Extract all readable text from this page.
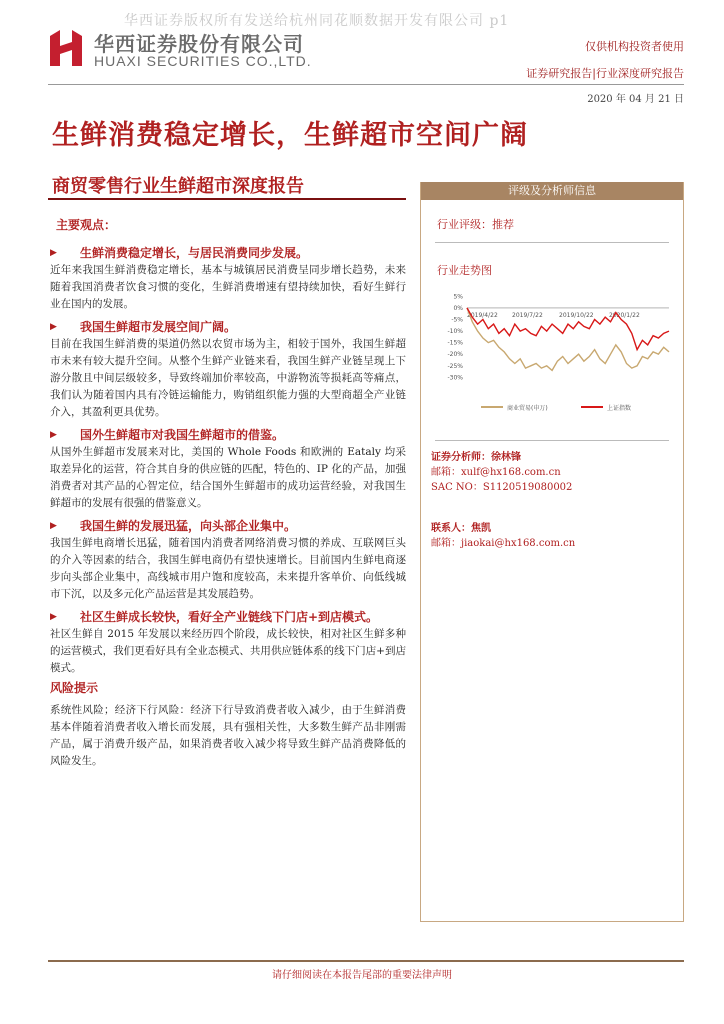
华西证券版权所有发送给杭州同花顺数据开发有限公司 p1
华西证券股份有限公司
HUAXI SECURITIES CO.,LTD.
仅供机构投资者使用
证券研究报告|行业深度研究报告
2020 年 04 月 21 日
生鲜消费稳定增长，生鲜超市空间广阔
商贸零售行业生鲜超市深度报告
主要观点：
▶ 生鲜消费稳定增长，与居民消费同步发展。

近年来我国生鲜消费稳定增长，基本与城镇居民消费呈同步增长趋势，未来随着我国消费者饮食习惯的变化，生鲜消费增速有望持续加快，看好生鲜行业在国内的发展。

▶ 我国生鲜超市发展空间广阔。

目前在我国生鲜消费的渠道仍然以农贸市场为主，相较于国外，我国生鲜超市未来有较大提升空间。从整个生鲜产业链来看，我国生鲜产业链呈现上下游分散且中间层级较多，导致终端加价率较高，中游物流等损耗高等痛点，我们认为随着国内具有冷链运输能力，购销组织能力强的大型商超全产业链介入，其盈利更具优势。

▶ 国外生鲜超市对我国生鲜超市的借鉴。

从国外生鲜超市发展来对比，美国的 Whole Foods 和欧洲的 Eataly 均采取差异化的运营，符合其自身的供应链的匹配，特色的、IP 化的产品，加强消费者对其产品的心智定位，结合国外生鲜超市的成功运营经验，对我国生鲜超市的发展有很强的借鉴意义。

▶ 我国生鲜的发展迅猛，向头部企业集中。

我国生鲜电商增长迅猛，随着国内消费者网络消费习惯的养成、互联网巨头的介入等因素的结合，我国生鲜电商仍有望快速增长。目前国内生鲜电商逐步向头部企业集中，高线城市用户饱和度较高，未来提升客单价、向低线城市下沉，以及多元化产品运营是其发展趋势。

▶ 社区生鲜成长较快，看好全产业链线下门店+到店模式。

社区生鲜自 2015 年发展以来经历四个阶段，成长较快，相对社区生鲜多种的运营模式，我们更看好具有全业态模式、共用供应链体系的线下门店+到店模式。

风险提示

系统性风险；经济下行风险：经济下行导致消费者收入减少，由于生鲜消费基本伴随着消费者收入增长而发展，具有强相关性，大多数生鲜产品非刚需产品，属于消费升级产品，如果消费者收入减少将导致生鲜产品消费降低的风险发生。

评级及分析师信息
行业评级：推荐
行业走势图
5%
0%
-5%
-10%
-15%
-20%
-25%
-30%
2019/4/22 2019/7/22	2019/10/22	2020/1/22
商业贸易(申万)	上证指数
证券分析师：徐林锋
邮箱：xulf@hx168.com.cn
SAC NO：S1120519080002
联系人：焦凯
邮箱：jiaokai@hx168.com.cn
请仔细阅读在本报告尾部的重要法律声明
